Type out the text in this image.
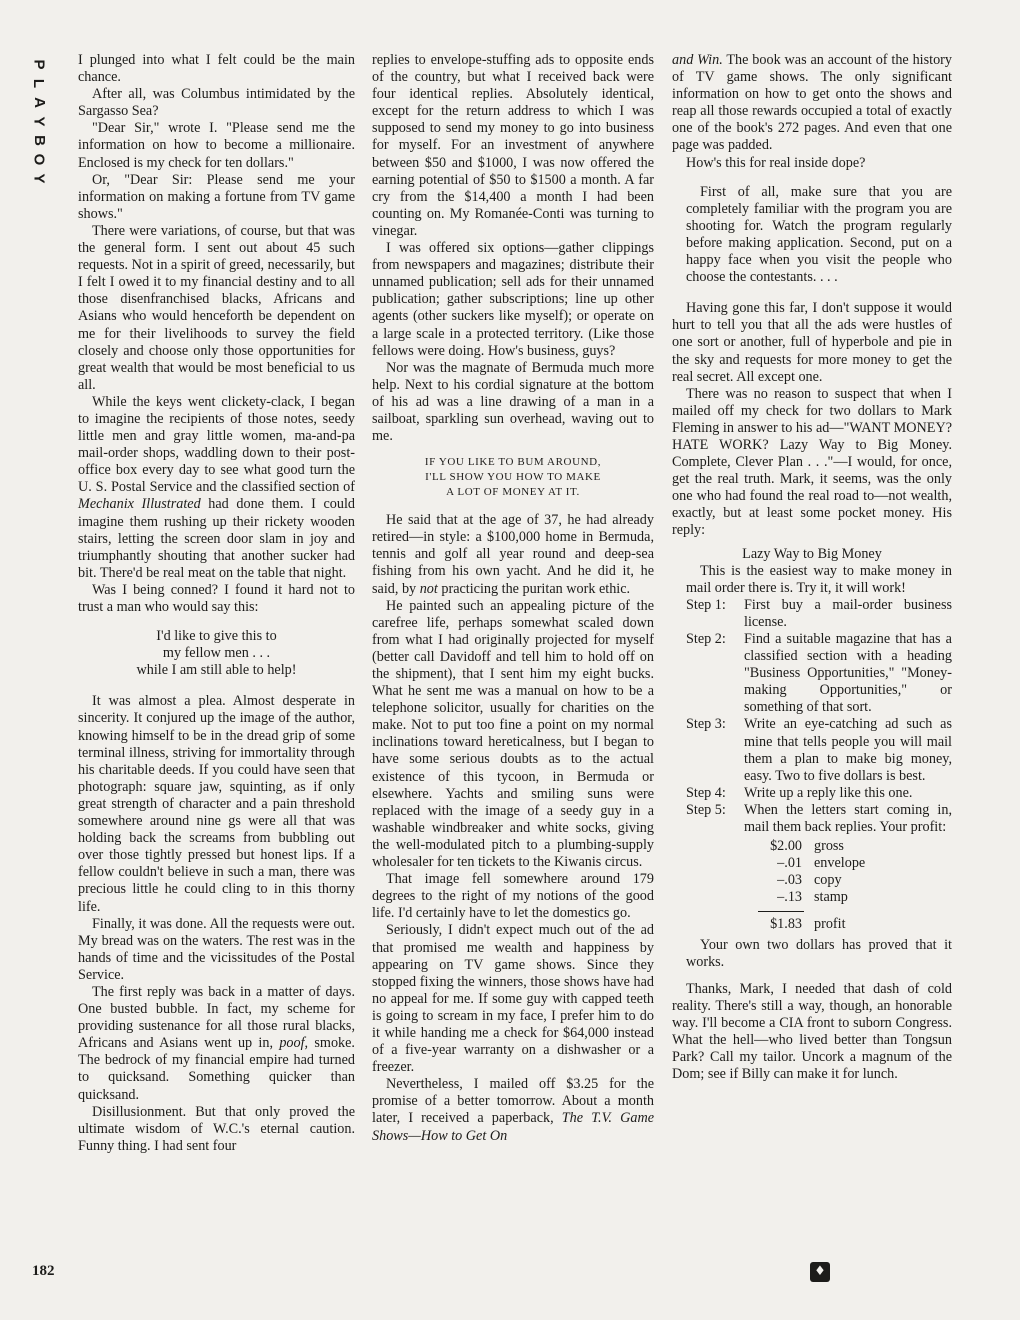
P
L
A
Y
B
O
Y
182

I plunged into what I felt could be the main chance.

After all, was Columbus intimidated by the Sargasso Sea?

"Dear Sir," wrote I. "Please send me the information on how to become a millionaire. Enclosed is my check for ten dollars."

Or, "Dear Sir: Please send me your information on making a fortune from TV game shows."

There were variations, of course, but that was the general form. I sent out about 45 such requests. Not in a spirit of greed, necessarily, but I felt I owed it to my financial destiny and to all those disenfranchised blacks, Africans and Asians who would henceforth be dependent on me for their livelihoods to survey the field closely and choose only those opportunities for great wealth that would be most beneficial to us all.

While the keys went clickety-clack, I began to imagine the recipients of those notes, seedy little men and gray little women, ma-and-pa mail-order shops, waddling down to their post-office box every day to see what good turn the U. S. Postal Service and the classified section of Mechanix Illustrated had done them. I could imagine them rushing up their rickety wooden stairs, letting the screen door slam in joy and triumphantly shouting that another sucker had bit. There'd be real meat on the table that night.

Was I being conned? I found it hard not to trust a man who would say this:

I'd like to give this to
my fellow men . . .
while I am still able to help!

It was almost a plea. Almost desperate in sincerity. It conjured up the image of the author, knowing himself to be in the dread grip of some terminal illness, striving for immortality through his charitable deeds. If you could have seen that photograph: square jaw, squinting, as if only great strength of character and a pain threshold somewhere around nine gs were all that was holding back the screams from bubbling out over those tightly pressed but honest lips. If a fellow couldn't believe in such a man, there was precious little he could cling to in this thorny life.

Finally, it was done. All the requests were out. My bread was on the waters. The rest was in the hands of time and the vicissitudes of the Postal Service.

The first reply was back in a matter of days. One busted bubble. In fact, my scheme for providing sustenance for all those rural blacks, Africans and Asians went up in, poof, smoke. The bedrock of my financial empire had turned to quicksand. Something quicker than quicksand.

Disillusionment. But that only proved the ultimate wisdom of W.C.'s eternal caution. Funny thing. I had sent four

replies to envelope-stuffing ads to opposite ends of the country, but what I received back were four identical replies. Absolutely identical, except for the return address to which I was supposed to send my money to go into business for myself. For an investment of anywhere between $50 and $1000, I was now offered the earning potential of $50 to $1500 a month. A far cry from the $14,400 a month I had been counting on. My Romanée-Conti was turning to vinegar.

I was offered six options—gather clippings from newspapers and magazines; distribute their unnamed publication; sell ads for their unnamed publication; gather subscriptions; line up other agents (other suckers like myself); or operate on a large scale in a protected territory. (Like those fellows were doing. How's business, guys?

Nor was the magnate of Bermuda much more help. Next to his cordial signature at the bottom of his ad was a line drawing of a man in a sailboat, sparkling sun overhead, waving out to me.

IF YOU LIKE TO BUM AROUND,
I'LL SHOW YOU HOW TO MAKE
A LOT OF MONEY AT IT.

He said that at the age of 37, he had already retired—in style: a $100,000 home in Bermuda, tennis and golf all year round and deep-sea fishing from his own yacht. And he did it, he said, by not practicing the puritan work ethic.

He painted such an appealing picture of the carefree life, perhaps somewhat scaled down from what I had originally projected for myself (better call Davidoff and tell him to hold off on the shipment), that I sent him my eight bucks. What he sent me was a manual on how to be a telephone solicitor, usually for charities on the make. Not to put too fine a point on my normal inclinations toward hereticalness, but I began to have some serious doubts as to the actual existence of this tycoon, in Bermuda or elsewhere. Yachts and smiling suns were replaced with the image of a seedy guy in a washable windbreaker and white socks, giving the well-modulated pitch to a plumbing-supply wholesaler for ten tickets to the Kiwanis circus.

That image fell somewhere around 179 degrees to the right of my notions of the good life. I'd certainly have to let the domestics go.

Seriously, I didn't expect much out of the ad that promised me wealth and happiness by appearing on TV game shows. Since they stopped fixing the winners, those shows have had no appeal for me. If some guy with capped teeth is going to scream in my face, I prefer him to do it while handing me a check for $64,000 instead of a five-year warranty on a dishwasher or a freezer.

Nevertheless, I mailed off $3.25 for the promise of a better tomorrow. About a month later, I received a paperback, The T.V. Game Shows—How to Get On

and Win. The book was an account of the history of TV game shows. The only significant information on how to get onto the shows and reap all those rewards occupied a total of exactly one of the book's 272 pages. And even that one page was padded.

How's this for real inside dope?

First of all, make sure that you are completely familiar with the program you are shooting for. Watch the program regularly before making application. Second, put on a happy face when you visit the people who choose the contestants. . . .

Having gone this far, I don't suppose it would hurt to tell you that all the ads were hustles of one sort or another, full of hyperbole and pie in the sky and requests for more money to get the real secret. All except one.

There was no reason to suspect that when I mailed off my check for two dollars to Mark Fleming in answer to his ad—"WANT MONEY? HATE WORK? Lazy Way to Big Money. Complete, Clever Plan . . ."—I would, for once, get the real truth. Mark, it seems, was the only one who had found the real road to—not wealth, exactly, but at least some pocket money. His reply:

Lazy Way to Big Money

This is the easiest way to make money in mail order there is. Try it, it will work!

Step 1:	First buy a mail-order business license.
Step 2:	Find a suitable magazine that has a classified section with a heading "Business Opportunities," "Money-making Opportunities," or something of that sort.
Step 3:	Write an eye-catching ad such as mine that tells people you will mail them a plan to make big money, easy. Two to five dollars is best.
Step 4:	Write up a reply like this one.
Step 5:	When the letters start coming in, mail them back replies. Your profit:
$2.00 gross
–.01 envelope
–.03 copy
–.13 stamp
$1.83 profit

Your own two dollars has proved that it works.

Thanks, Mark, I needed that dash of cold reality. There's still a way, though, an honorable way. I'll become a CIA front to suborn Congress. What the hell—who lived better than Tongsun Park? Call my tailor. Uncork a magnum of the Dom; see if Billy can make it for lunch.

♦
